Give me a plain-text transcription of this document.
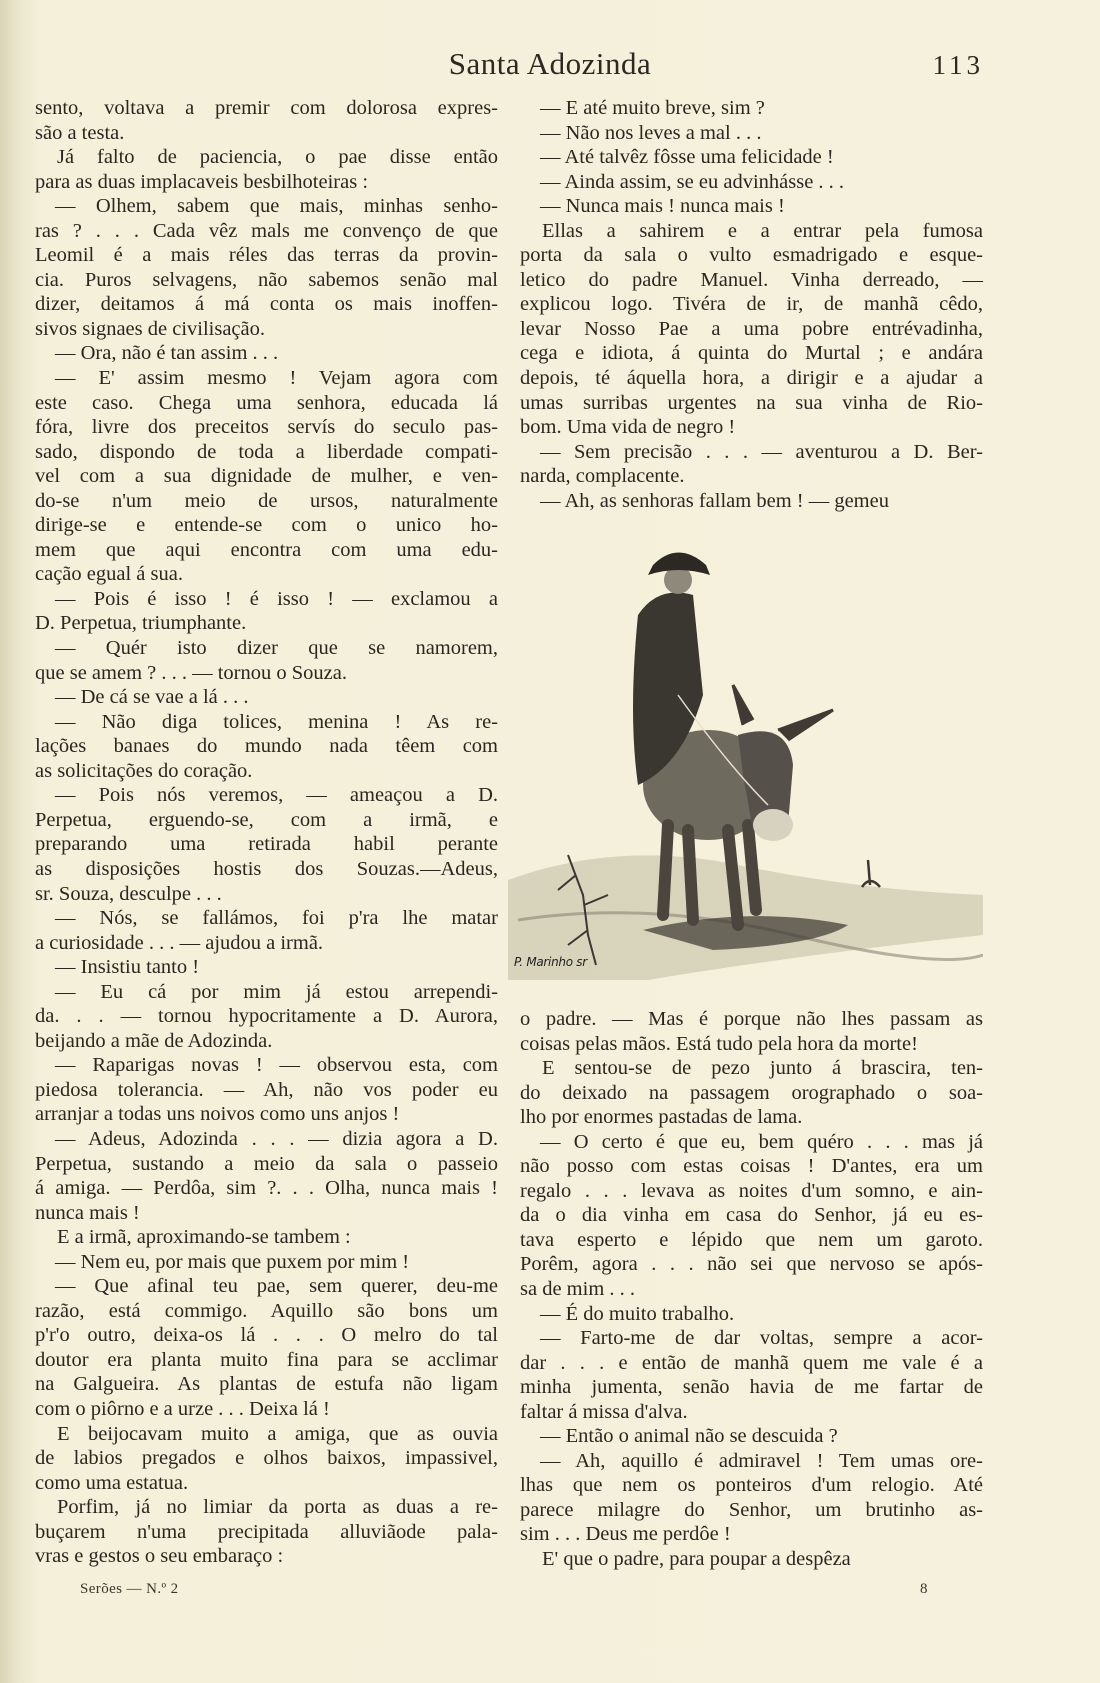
Santa Adozinda	113
P. Marinho sr
sento, voltava a premir com dolorosa expres-
são a testa.
Já falto de paciencia, o pae disse então
para as duas implacaveis besbilhoteiras :
— Olhem, sabem que mais, minhas senho-
ras ? . . . Cada vêz mals me convenço de que
Leomil é a mais réles das terras da provin-
cia. Puros selvagens, não sabemos senão mal
dizer, deitamos á má conta os mais inoffen-
sivos signaes de civilisação.
— Ora, não é tan assim . . .
— E' assim mesmo ! Vejam agora com
este caso. Chega uma senhora, educada lá
fóra, livre dos preceitos servís do seculo pas-
sado, dispondo de toda a liberdade compati-
vel com a sua dignidade de mulher, e ven-
do-se n'um meio de ursos, naturalmente
dirige-se e entende-se com o unico ho-
mem que aqui encontra com uma edu-
cação egual á sua.
— Pois é isso ! é isso ! — exclamou a
D. Perpetua, triumphante.
— Quér isto dizer que se namorem,
que se amem ? . . . — tornou o Souza.
— De cá se vae a lá . . .
— Não diga tolices, menina ! As re-
lações banaes do mundo nada têem com
as solicitações do coração.
— Pois nós veremos, — ameaçou a D.
Perpetua, erguendo-se, com a irmã, e
preparando uma retirada habil perante
as disposições hostis dos Souzas.—Adeus,
sr. Souza, desculpe . . .
— Nós, se fallámos, foi p'ra lhe matar
a curiosidade . . . — ajudou a irmã.
— Insistiu tanto !
— Eu cá por mim já estou arrependi-
da. . . — tornou hypocritamente a D. Aurora,
beijando a mãe de Adozinda.
— Raparigas novas ! — observou esta, com
piedosa tolerancia. — Ah, não vos poder eu
arranjar a todas uns noivos como uns anjos !
— Adeus, Adozinda . . . — dizia agora a D.
Perpetua, sustando a meio da sala o passeio
á amiga. — Perdôa, sim ?. . . Olha, nunca mais !
nunca mais !
E a irmã, aproximando-se tambem :
— Nem eu, por mais que puxem por mim !
— Que afinal teu pae, sem querer, deu-me
razão, está commigo. Aquillo são bons um
p'r'o outro, deixa-os lá . . . O melro do tal
doutor era planta muito fina para se acclimar
na Galgueira. As plantas de estufa não ligam
com o piôrno e a urze . . . Deixa lá !
E beijocavam muito a amiga, que as ouvia
de labios pregados e olhos baixos, impassivel,
como uma estatua.
Porfim, já no limiar da porta as duas a re-
buçarem n'uma precipitada alluviãode pala-
vras e gestos o seu embaraço :
— E até muito breve, sim ?
— Não nos leves a mal . . .
— Até talvêz fôsse uma felicidade !
— Ainda assim, se eu advinhásse . . .
— Nunca mais ! nunca mais !
Ellas a sahirem e a entrar pela fumosa
porta da sala o vulto esmadrigado e esque-
letico do padre Manuel. Vinha derreado, —
explicou logo. Tivéra de ir, de manhã cêdo,
levar Nosso Pae a uma pobre entrévadinha,
cega e idiota, á quinta do Murtal ; e andára
depois, té áquella hora, a dirigir e a ajudar a
umas surribas urgentes na sua vinha de Rio-
bom. Uma vida de negro !
— Sem precisão . . . — aventurou a D. Ber-
narda, complacente.
— Ah, as senhoras fallam bem ! — gemeu
o padre. — Mas é porque não lhes passam as
coisas pelas mãos. Está tudo pela hora da morte!
E sentou-se de pezo junto á brascira, ten-
do deixado na passagem orographado o soa-
lho por enormes pastadas de lama.
— O certo é que eu, bem quéro . . . mas já
não posso com estas coisas ! D'antes, era um
regalo . . . levava as noites d'um somno, e ain-
da o dia vinha em casa do Senhor, já eu es-
tava esperto e lépido que nem um garoto.
Porêm, agora . . . não sei que nervoso se após-
sa de mim . . .
— É do muito trabalho.
— Farto-me de dar voltas, sempre a acor-
dar . . . e então de manhã quem me vale é a
minha jumenta, senão havia de me fartar de
faltar á missa d'alva.
— Então o animal não se descuida ?
— Ah, aquillo é admiravel ! Tem umas ore-
lhas que nem os ponteiros d'um relogio. Até
parece milagre do Senhor, um brutinho as-
sim . . . Deus me perdôe !
E' que o padre, para poupar a despêza
Serões — N.º 2	8
